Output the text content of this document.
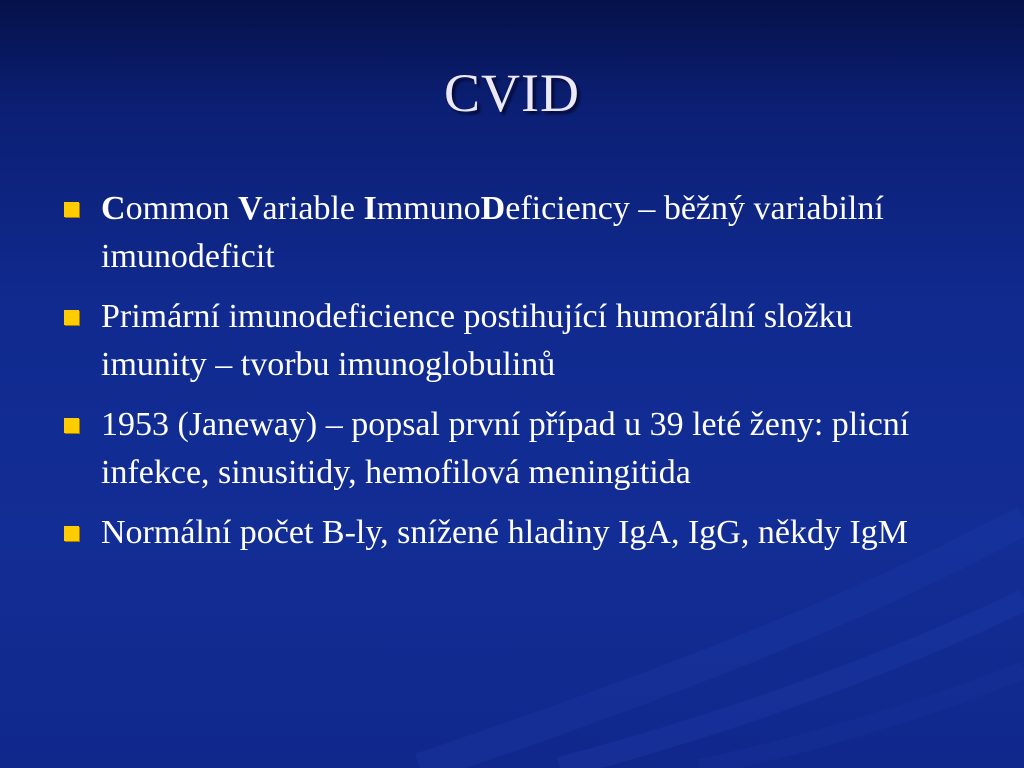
CVID
Common Variable ImmunoDeficiency – běžný variabilní imunodeficit
Primární imunodeficience postihující humorální složku imunity – tvorbu imunoglobulinů
1953 (Janeway) – popsal první případ u 39 leté ženy: plicní infekce, sinusitidy, hemofilová meningitida
Normální počet B-ly, snížené hladiny IgA, IgG, někdy IgM
